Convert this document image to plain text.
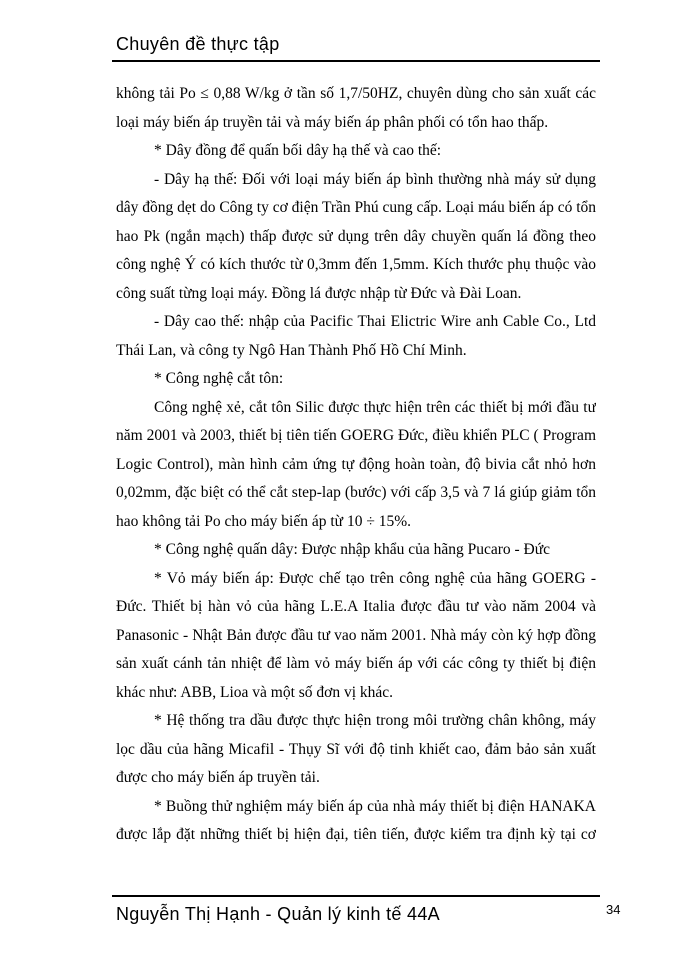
Chuyên đề thực tập
không tải Po ≤ 0,88 W/kg ở tần số 1,7/50HZ, chuyên dùng cho sản xuất các
loại máy biến áp truyền tải và máy biến áp phân phối có tổn hao thấp.
* Dây đồng để quấn bối dây hạ thế và cao thế:
- Dây hạ thế: Đối với loại máy biến áp bình thường nhà máy sử dụng
dây đồng dẹt do Công ty cơ điện Trần Phú cung cấp. Loại máu biến áp có tổn
hao Pk (ngắn mạch) thấp được sử dụng trên dây chuyền quấn lá đồng theo
công nghệ Ý có kích thước từ 0,3mm đến 1,5mm. Kích thước phụ thuộc vào
công suất từng loại máy. Đồng lá được nhập từ Đức và Đài Loan.
- Dây cao thế: nhập của Pacific Thai Elictric Wire anh Cable Co., Ltd
Thái Lan, và công ty Ngô Han Thành Phố Hồ Chí Minh.
* Công nghệ cắt tôn:
Công nghệ xẻ, cắt tôn Silic được thực hiện trên các thiết bị mới đầu tư
năm 2001 và 2003, thiết bị tiên tiến GOERG Đức, điều khiển PLC ( Program
Logic Control), màn hình cảm ứng tự động hoàn toàn, độ bivia cắt nhỏ hơn
0,02mm, đặc biệt có thể cắt step-lap (bước) với cấp 3,5 và 7 lá giúp giảm tổn
hao không tải Po cho máy biến áp từ 10 ÷ 15%.
* Công nghệ quấn dây: Được nhập khẩu của hãng Pucaro - Đức
* Vỏ máy biến áp: Được chế tạo trên công nghệ của hãng GOERG -
Đức. Thiết bị hàn vỏ của hãng L.E.A Italia được đầu tư vào năm 2004 và
Panasonic - Nhật Bản được đầu tư vao năm 2001. Nhà máy còn ký hợp đồng
sản xuất cánh tản nhiệt để làm vỏ máy biến áp với các công ty thiết bị điện
khác như: ABB, Lioa và một số đơn vị khác.
* Hệ thống tra dầu được thực hiện trong môi trường chân không, máy
lọc dầu của hãng Micafil - Thụy Sĩ với độ tinh khiết cao, đảm bảo sản xuất
được cho máy biến áp truyền tải.
* Buồng thử nghiệm máy biến áp của nhà máy thiết bị điện HANAKA
được lắp đặt những thiết bị hiện đại, tiên tiến, được kiểm tra định kỳ tại cơ
Nguyễn Thị Hạnh - Quản lý kinh tế 44A	34
